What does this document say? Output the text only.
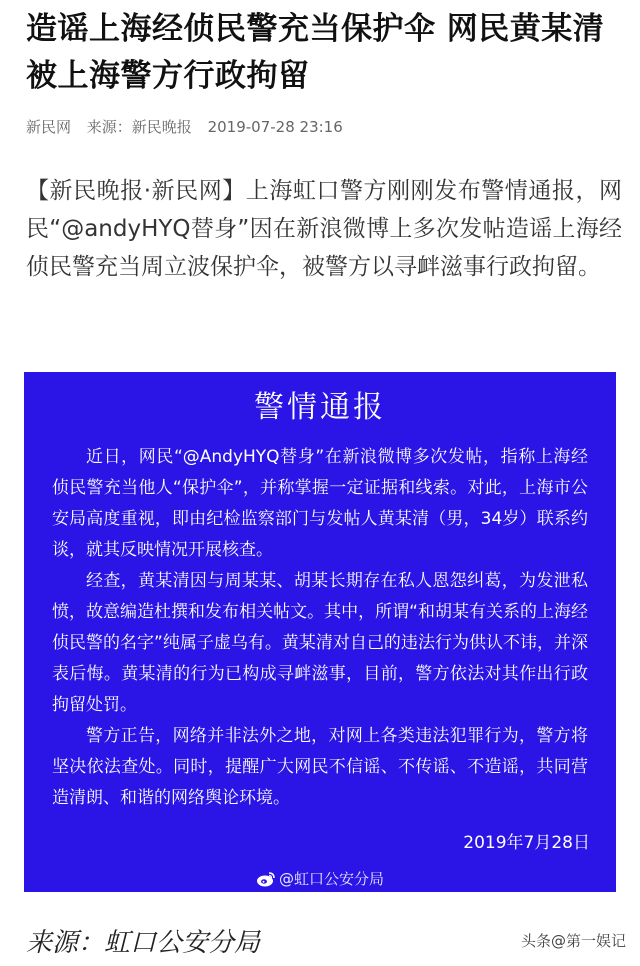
造谣上海经侦民警充当保护伞 网民黄某清被上海警方行政拘留
新民网 来源：新民晚报 2019-07-28 23:16

【新民晚报·新民网】上海虹口警方刚刚发布警情通报，网民“@andyHYQ替身”因在新浪微博上多次发帖造谣上海经侦民警充当周立波保护伞，被警方以寻衅滋事行政拘留。

警情通报

近日，网民“@AndyHYQ替身”在新浪微博多次发帖，指称上海经侦民警充当他人“保护伞”，并称掌握一定证据和线索。对此，上海市公安局高度重视，即由纪检监察部门与发帖人黄某清（男，34岁）联系约谈，就其反映情况开展核查。

经查，黄某清因与周某某、胡某长期存在私人恩怨纠葛，为发泄私愤，故意编造杜撰和发布相关帖文。其中，所谓“和胡某有关系的上海经侦民警的名字”纯属子虚乌有。黄某清对自己的违法行为供认不讳，并深表后悔。黄某清的行为已构成寻衅滋事，目前，警方依法对其作出行政拘留处罚。

警方正告，网络并非法外之地，对网上各类违法犯罪行为，警方将坚决依法查处。同时，提醒广大网民不信谣、不传谣、不造谣，共同营造清朗、和谐的网络舆论环境。

2019年7月28日
@虹口公安分局
来源：虹口公安分局	头条@第一娱记
